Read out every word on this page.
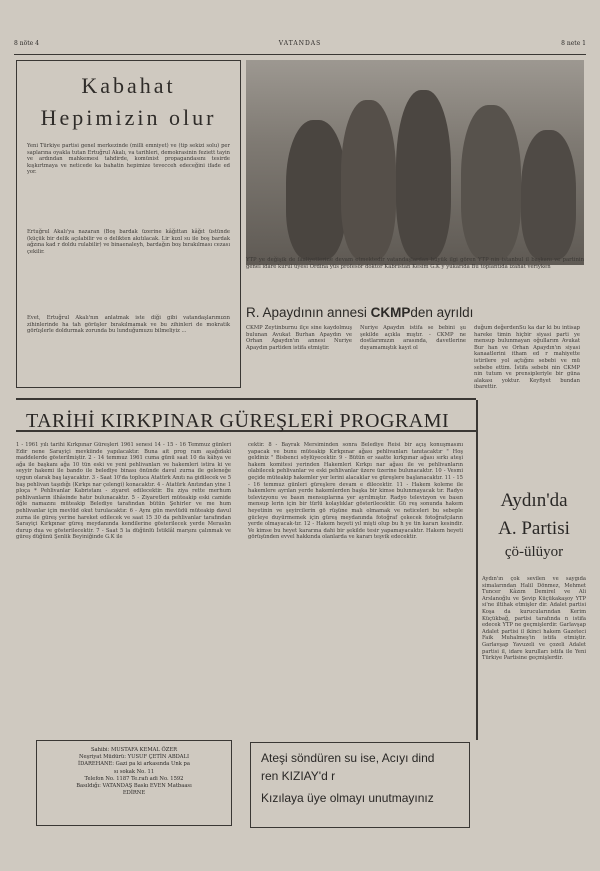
8 nöte 4	VATANDAS	8 nete 1
Kabahat
Hepimizin olur
Yeni Türkiye partisi genel merkezinde (milli emniyet) ve (tip sekizi solu) per saplarına oyakla tutan Ertuğrul Akalı, va tarihleri, demokrasinin feziett tayin ve ardından mahkemesi tahdirde, komünist propagandasını tesirde kışkırtmaya ve neticede ka bahatin hepimize tevecceh edeceğini ifade ed yor.
Ertuğrul Akalı'ya nazaran (Boş bardak üzerine kâğıttan kâğıt üstünde (küçük bir delik açılabilir ve o delikten akıtılacak. Lir kızıl su ile boş bardak ağzına kad r doldu rulabilir) ve binaenaleyh, bardağın boş bırakılması cezası çekilir.
Evet, Ertuğrul Akalı'nın anlatmak iste diği gibi vatandaşlarımızın zihinlerinde ha tah görüşler bırakılmamak ve bu zihinleri de mokratik görüşlerle doldurmak zorunda bu lunduğumuzu bilmeliyiz ...
YTP ye değişik de faaliyetlerine devam etmektedir vatandaşlardan büyük ilgi gören YTP nin istanbul il başkanı ve partinin genel idare kurul üyesi Ordina yüs profesör doktor Kabristan Kesim G.K y yukarıda Bu toplantıda izahat veriyken
R. Apaydının annesi CKMPden ayrıldı
CKMP Zeytinburnu ilçe sine kaydolmuş bulunan Avukat Burhan Apaydın ve Orhan Apaydın'ın annesi Nuriye Apaydın partiden istifa etmiştir.
Nuriye Apaydın istifa se bebini şu şekilde açıkla mıştır. - CKMP ne dostlarımızın arasında, davetlerine duyamamıştık kayıt ol
duğum değerdenSu ka dar ki bu intisap hareke timin hiçbir siyasi parti ye mensup bulunmayan oğullarım Avukat Bur han ve Orhan Apaydın'ın siyasi kanaatlerini itham ed r mahiyette istirilere yol açtığını sebebi ve mü sebebe ettim. İstifa sebebi nin CKMP nin tutum ve prensipleriyle bir güna alakası yoktur. Keyfiyet bundan ibarettir.
TARİHİ KIRKPINAR GÜREŞLERİ PROGRAMI
1 - 1961 yılı tarihi Kırkpınar Güreşleri 1961 senesi 14 - 15 - 16 Temmuz günleri Edir nene Sarayiçi mevkiinde yapılacaktır. Buna ait prog ram aşağıdaki maddelerde gösterilmiştir. 2 - 14 temmuz 1961 cuma günü saat 10 da kâhya ve ağa ile başkanı ağa 10 tün eski ve yeni pehlivanları ve hakemleri istira ki ve seyyir hakemi ile bando ile belediye binası önünde davul zurna ile geleneğe uygun olarak baş layacaktır. 3 - Saat 10'da topluca Atatürk Anıtı na gidilecek ve 5 baş pehlivan taşıdığı (Kırkpı nar çelengi) konacaktır. 4 - Atatürk Anıtından yine 1 ploça * Pehlivanlar Kabristanı - ziyaret edilecektir. Bu ziya rette merhum pehlivanların ilhâsinde hatır bulunacaktır. 5 - Ziyaretleri müteakip eski camide öğle namazını müteakip Belediye tarafından bütün Şehirler ve me hum pehlivanlar için mevlüd okut turulacaktır. 6 - Aynı gün mevlüdü müteakip davul zurna ile güreş yerine hareket edilecek ve saat 15 30 da pehlivanlar tarafından Sarayiçi Kırkpınar güreş meydanında kendilerine gösterilecek yerde Meraslın durup dua ve gösterilecektir. 7 - Saat 5 la düğünlü İstiklâl marşını çalınmak ve güreş düğünü Şenlik Beyiniğinde G.K ile
cektir. 8 - Bayrak Mersiminden sonra Belediye Reisi bir açış konuşmasını yapacak ve bunu müteakip Kırkpınar ağası pehlivanları tanıtacaktır " Hoş geldiniz " Bisbenci söylüyecektir. 9 - Bütün er saatte kırkpınar ağası sırkı ateşi hakem komitesi yerinden Hakemleri Kırkpı nar ağası ile ve pehlivanların olabilecek pehlivanlar ve eski pehlivanlar üzere üzerine bulunacaktır. 10 - Vesmi geçide müteakip hakemler yer lerini alacaklar ve güreşlere başlanacaktır. 11 - 15 - 16 temmuz günleri güreşlere devam e dilecektir. 11 - Hakem koleme ile hakemlere ayrılan yerde hakemlerden başka bir kimse bulunmayacak tır. Radyo televizyonu ve basın mensuplarına yer ayrılmıştır. Radyo televizyon ve basın mensup lerin için bir türlü kolaylıklar gösterilecektir. Gü reş sonunda hakem heyetinin ve şeyircilerin gö rüşüne malı olmamak ve neticeleri bu sebeple gücleye duyürmemek için güreş meydanında fotoğraf çekecek fotoğrafçıların yerde olmayacak-tır. 12 - Hakem heyeti yıl mişti olup bu h ye tin kararı kesindir. Ve kimse bu heyet kararına dahi bir şekilde tesir yapamayacaktır. Hakem heyeti görüşünden evvel hakkında olanlarda ve kararı teşvik edecektir.
Aydın'da
A. Partisi
çö-ülüyor
Aydın'ın çok sevilen ve saygıda simalarından Halil Dönmez, Mehmet Tuncer Kâzım Demirel ve Ali Arslanoğlu ve Şevip Küçükakaşoy YTP si'ne iltihak etmişler dir. Adalet partisi Koşa da kurucularından Kerim Küçükbağ, partisi tarafında n istifa edecek YTP ne geçmişlerdir. Garlavşap Adalet partisi il ikinci hakem Gazeteci Faik Muhalmeş'in istifa etmiştir. Garlavşap Yavuzeli ve çozeli Adalet partisi il, idare kurulları istifa ile Yeni Türkiye Partisine geçmişlerdir.
Sahibi: MUSTAFA KEMAL ÖZER
Neşriyat Müdürü: YUSUF ÇETİN ABDALI
İDAREHANE: Gazi pa ki arkasında Unk pa
sı sokak No. 11
Telefon No. 1187 Te.rafı adi No. 1592
Basıldığı: VATANDAŞ Baskı EVEN Matbaası
EDİRNE
Ateşi söndüren su ise, Acıyı dind
ren KIZIAY'd r
Kızılaya üye olmayı unutmayınız
